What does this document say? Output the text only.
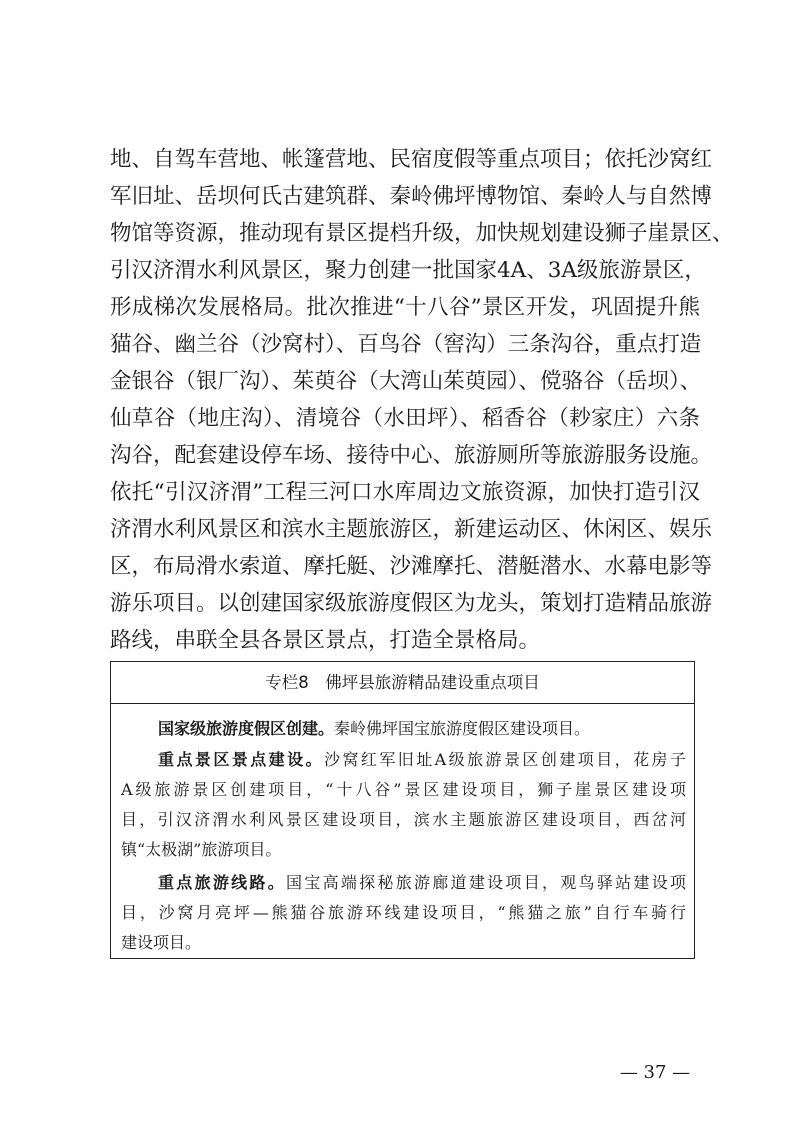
地、自驾车营地、帐篷营地、民宿度假等重点项目；依托沙窝红
军旧址、岳坝何氏古建筑群、秦岭佛坪博物馆、秦岭人与自然博
物馆等资源，推动现有景区提档升级，加快规划建设狮子崖景区、
引汉济渭水利风景区，聚力创建一批国家4A、3A级旅游景区，
形成梯次发展格局。批次推进“十八谷”景区开发，巩固提升熊
猫谷、幽兰谷（沙窝村）、百鸟谷（窖沟）三条沟谷，重点打造
金银谷（银厂沟）、茱萸谷（大湾山茱萸园）、傥骆谷（岳坝）、
仙草谷（地庄沟）、清境谷（水田坪）、稻香谷（耖家庄）六条
沟谷，配套建设停车场、接待中心、旅游厕所等旅游服务设施。
依托“引汉济渭”工程三河口水库周边文旅资源，加快打造引汉
济渭水利风景区和滨水主题旅游区，新建运动区、休闲区、娱乐
区，布局滑水索道、摩托艇、沙滩摩托、潜艇潜水、水幕电影等
游乐项目。以创建国家级旅游度假区为龙头，策划打造精品旅游
路线，串联全县各景区景点，打造全景格局。
专栏8　佛坪县旅游精品建设重点项目
国家级旅游度假区创建。秦岭佛坪国宝旅游度假区建设项目。
重点景区景点建设。沙窝红军旧址A级旅游景区创建项目，花房子
A级旅游景区创建项目，“十八谷”景区建设项目，狮子崖景区建设项
目，引汉济渭水利风景区建设项目，滨水主题旅游区建设项目，西岔河
镇“太极湖”旅游项目。
重点旅游线路。国宝高端探秘旅游廊道建设项目，观鸟驿站建设项
目，沙窝月亮坪—熊猫谷旅游环线建设项目，“熊猫之旅”自行车骑行
建设项目。
— 37 —
